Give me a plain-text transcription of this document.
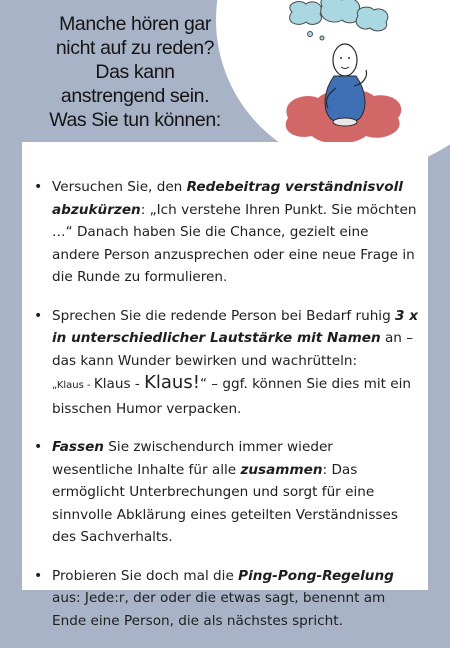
Manche hören gar
nicht auf zu reden?
Das kann
anstrengend sein.
Was Sie tun können:
• Versuchen Sie, den Redebeitrag verständnisvoll abzukürzen: „Ich verstehe Ihren Punkt. Sie möchten …“ Danach haben Sie die Chance, gezielt eine andere Person anzusprechen oder eine neue Frage in die Runde zu formulieren.
• Sprechen Sie die redende Person bei Bedarf ruhig 3 x in unterschiedlicher Lautstärke mit Namen an – das kann Wunder bewirken und wachrütteln:
„Klaus - Klaus - Klaus!“ – ggf. können Sie dies mit ein bisschen Humor verpacken.
• Fassen Sie zwischendurch immer wieder wesentliche Inhalte für alle zusammen: Das ermöglicht Unterbrechungen und sorgt für eine sinnvolle Abklärung eines geteilten Verständnisses des Sachverhalts.
• Probieren Sie doch mal die Ping-Pong-Regelung aus: Jede:r, der oder die etwas sagt, benennt am Ende eine Person, die als nächstes spricht.
